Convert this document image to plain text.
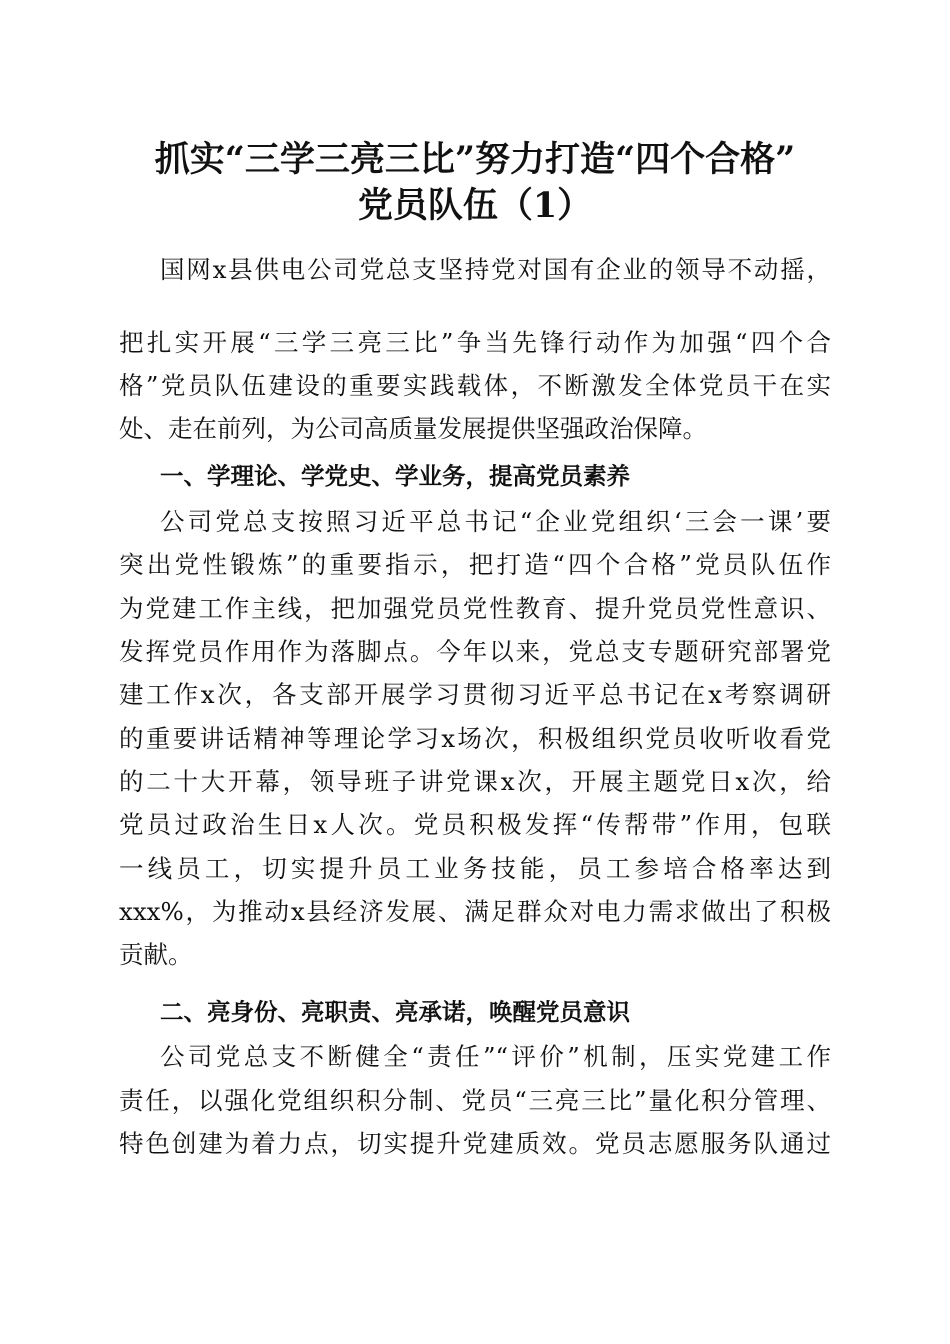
抓实“三学三亮三比”努力打造“四个合格”
党员队伍（1）

国网x县供电公司党总支坚持党对国有企业的领导不动摇，

把扎实开展“三学三亮三比”争当先锋行动作为加强“四个合

格”党员队伍建设的重要实践载体，不断激发全体党员干在实

处、走在前列，为公司高质量发展提供坚强政治保障。

一、学理论、学党史、学业务，提高党员素养

公司党总支按照习近平总书记“企业党组织‘三会一课’要

突出党性锻炼”的重要指示，把打造“四个合格”党员队伍作

为党建工作主线，把加强党员党性教育、提升党员党性意识、

发挥党员作用作为落脚点。今年以来，党总支专题研究部署党

建工作x次，各支部开展学习贯彻习近平总书记在x考察调研

的重要讲话精神等理论学习x场次，积极组织党员收听收看党

的二十大开幕，领导班子讲党课x次，开展主题党日x次，给

党员过政治生日x人次。党员积极发挥“传帮带”作用，包联

一线员工，切实提升员工业务技能，员工参培合格率达到

xxx%，为推动x县经济发展、满足群众对电力需求做出了积极

贡献。

二、亮身份、亮职责、亮承诺，唤醒党员意识

公司党总支不断健全“责任”“评价”机制，压实党建工作

责任，以强化党组织积分制、党员“三亮三比”量化积分管理、

特色创建为着力点，切实提升党建质效。党员志愿服务队通过
